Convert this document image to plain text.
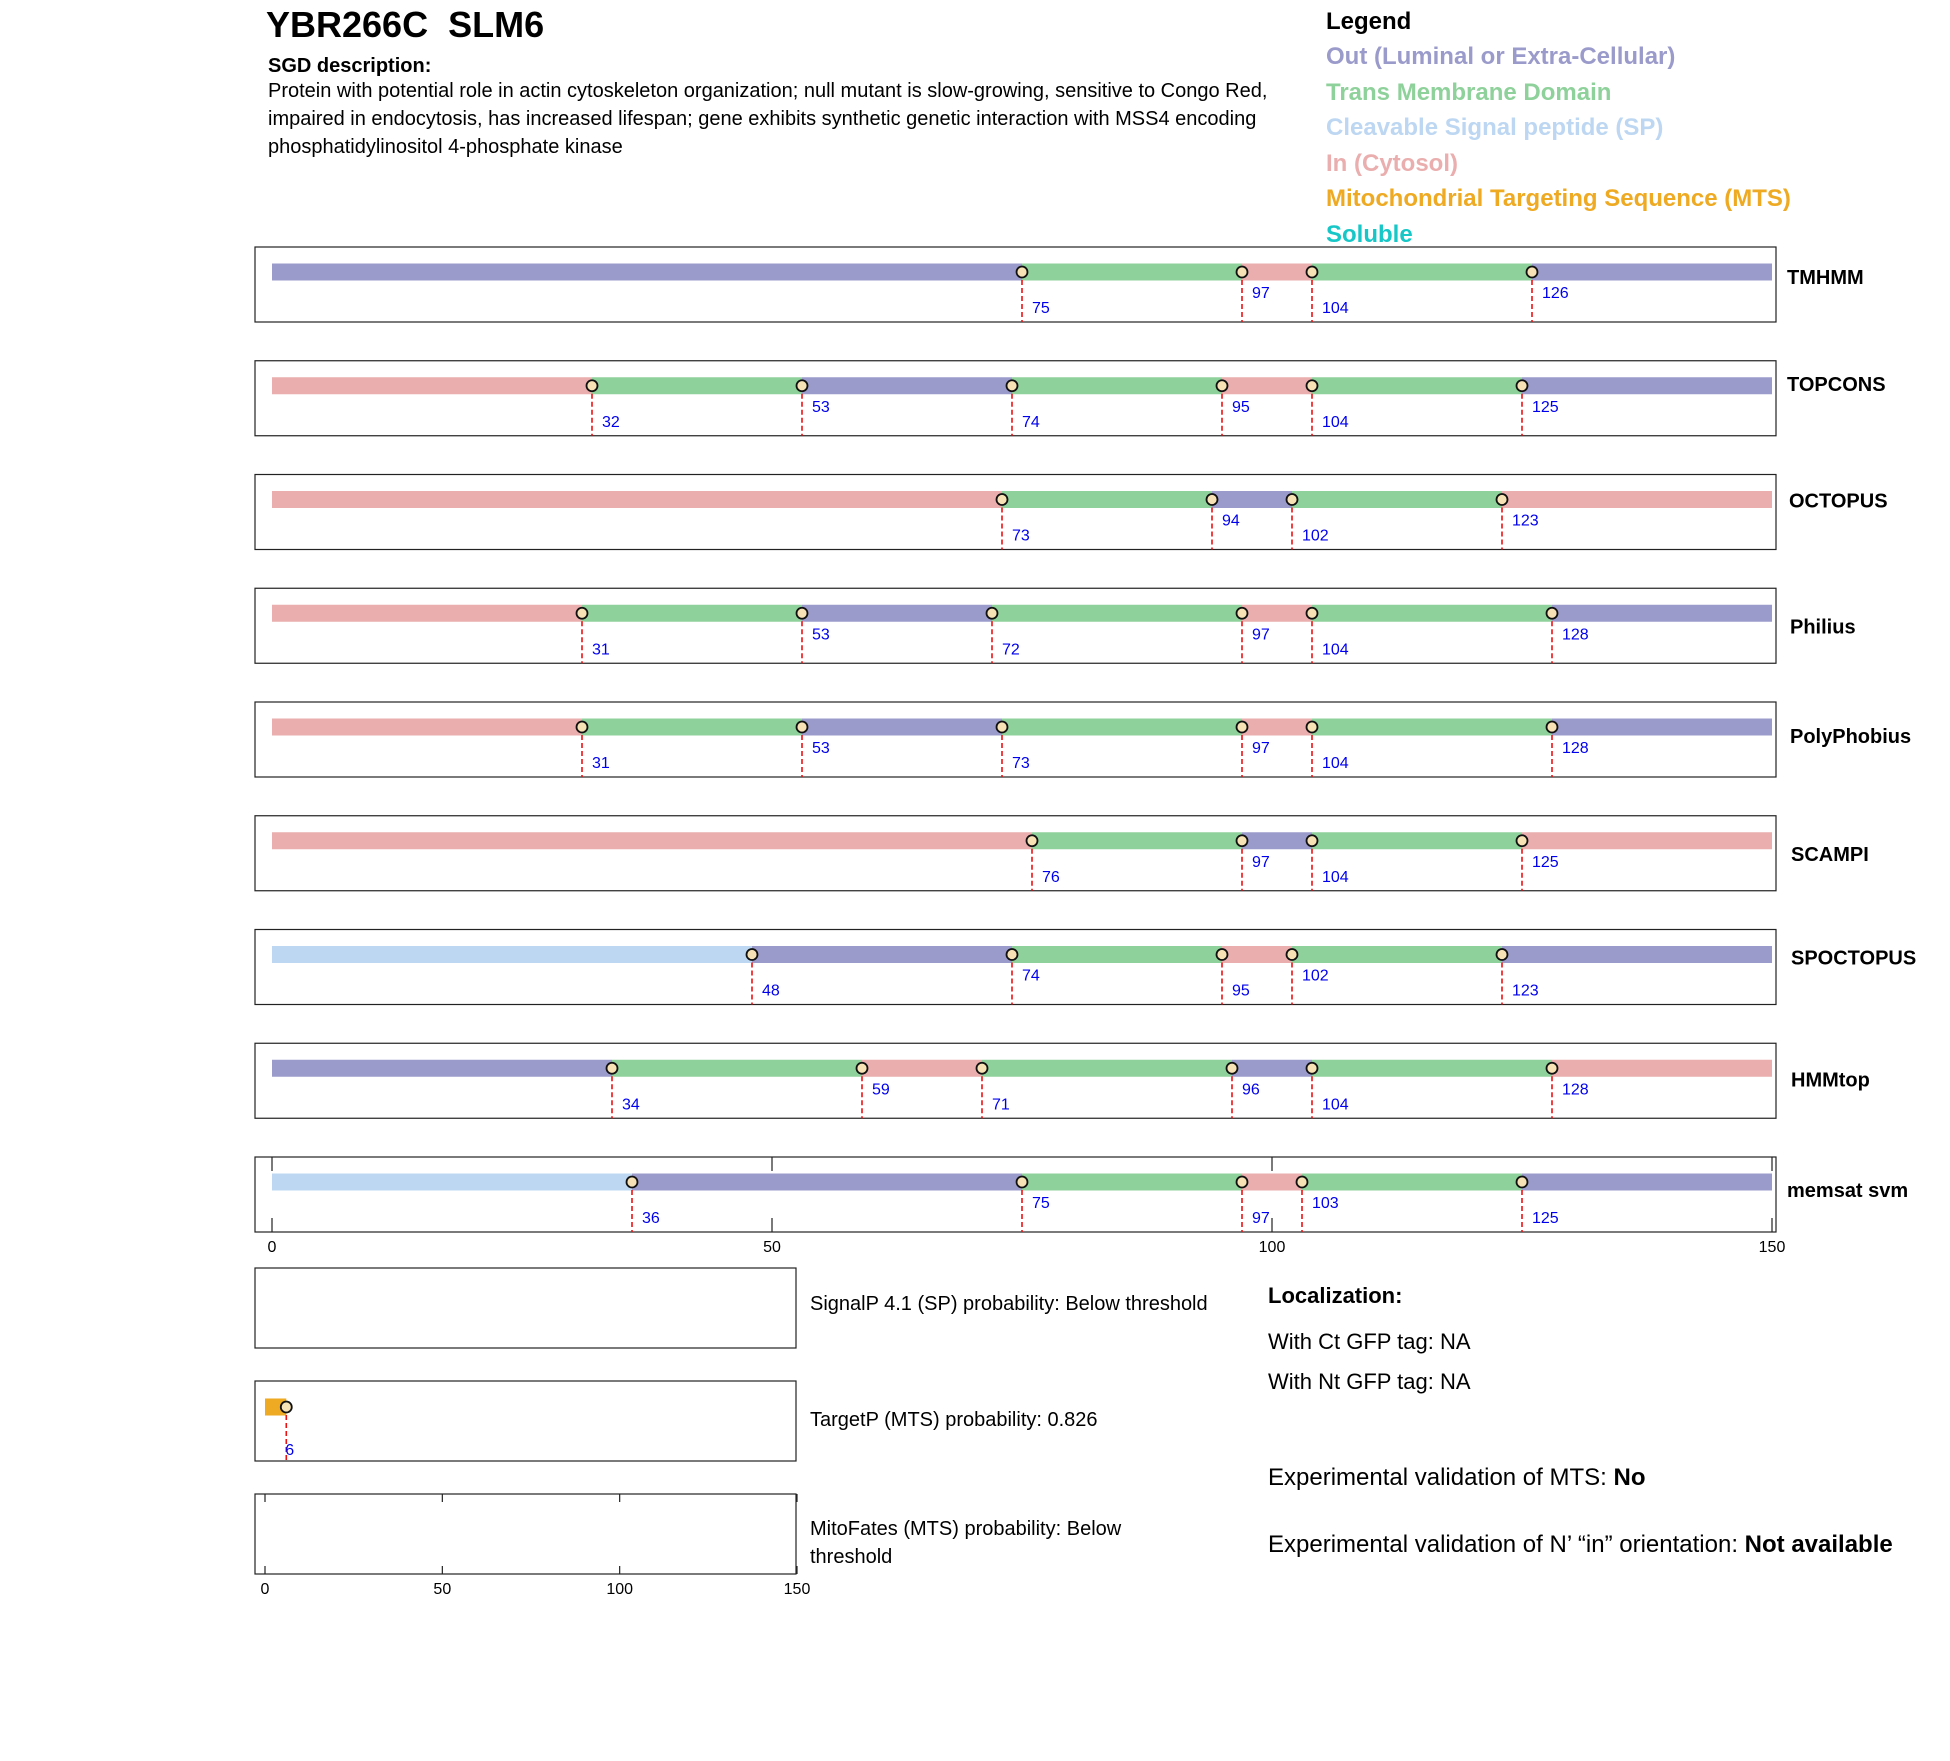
YBR266C  SLM6
SGD description:
Protein with potential role in actin cytoskeleton organization; null mutant is slow-growing, sensitive to Congo Red, impaired in endocytosis, has increased lifespan; gene exhibits synthetic genetic interaction with MSS4 encoding phosphatidylinositol 4-phosphate kinase
Legend
Out (Luminal or Extra-Cellular)
Trans Membrane Domain
Cleavable Signal peptide (SP)
In (Cytosol)
Mitochondrial Targeting Sequence (MTS)
Soluble
75
97
104
126
TMHMM
32
53
74
95
104
125
TOPCONS
73
94
102
123
OCTOPUS
31
53
72
97
104
128	Philius
31
53
73
97
104
128
PolyPhobius
76
97
104
125	SCAMPI
48
74
95
102
123
SPOCTOPUS
34
59
71
96
104
128	HMMtop
36
75
97
103
125
memsat svm
0	50	100	150
6
0	50	100	150
SignalP 4.1 (SP) probability: Below threshold
TargetP (MTS) probability: 0.826
MitoFates (MTS) probability: Below threshold
Localization:
With Ct GFP tag: NA
With Nt GFP tag: NA
Experimental validation of MTS: No
Experimental validation of N’ “in” orientation: Not available
